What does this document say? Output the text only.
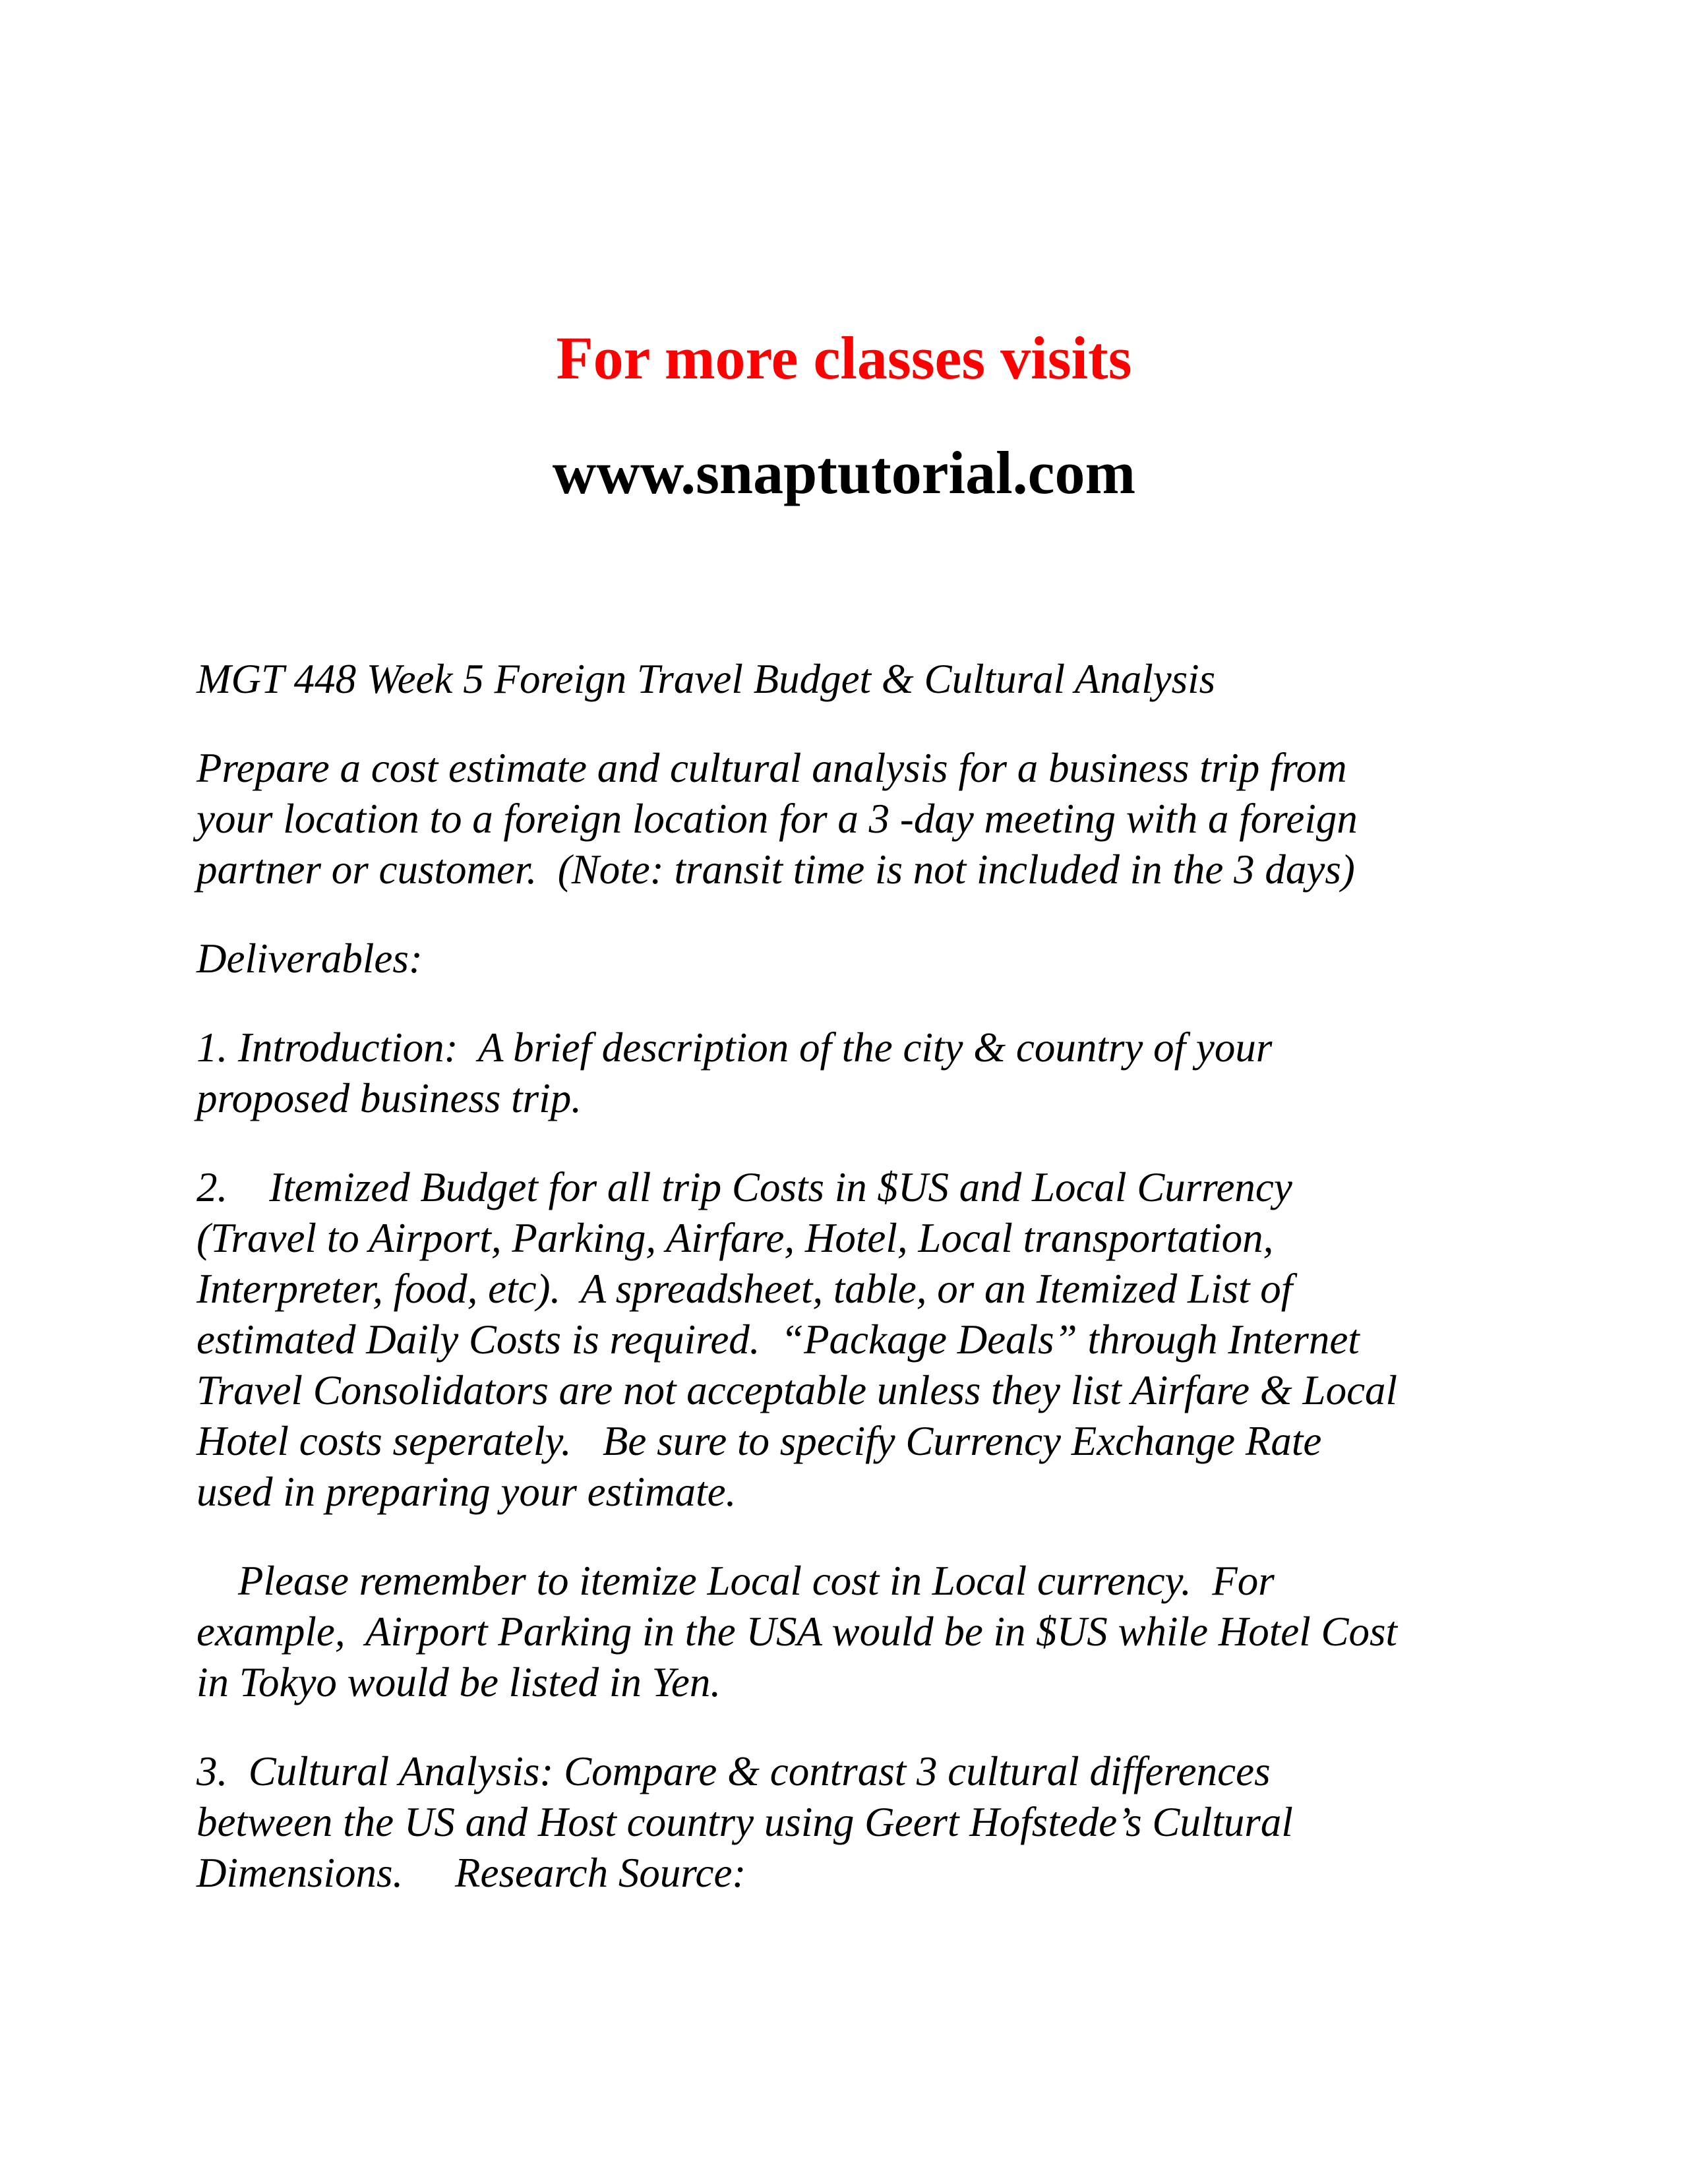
For more classes visits

www.snaptutorial.com

MGT 448 Week 5 Foreign Travel Budget & Cultural Analysis

Prepare a cost estimate and cultural analysis for a business trip from
your location to a foreign location for a 3 -day meeting with a foreign
partner or customer.  (Note: transit time is not included in the 3 days)

Deliverables:

1. Introduction:  A brief description of the city & country of your
proposed business trip.

2.    Itemized Budget for all trip Costs in $US and Local Currency
(Travel to Airport, Parking, Airfare, Hotel, Local transportation,
Interpreter, food, etc).  A spreadsheet, table, or an Itemized List of
estimated Daily Costs is required.  “Package Deals” through Internet
Travel Consolidators are not acceptable unless they list Airfare & Local
Hotel costs seperately.   Be sure to specify Currency Exchange Rate
used in preparing your estimate.

Please remember to itemize Local cost in Local currency.  For
example,  Airport Parking in the USA would be in $US while Hotel Cost
in Tokyo would be listed in Yen.

3.  Cultural Analysis: Compare & contrast 3 cultural differences
between the US and Host country using Geert Hofstede’s Cultural
Dimensions.     Research Source:
